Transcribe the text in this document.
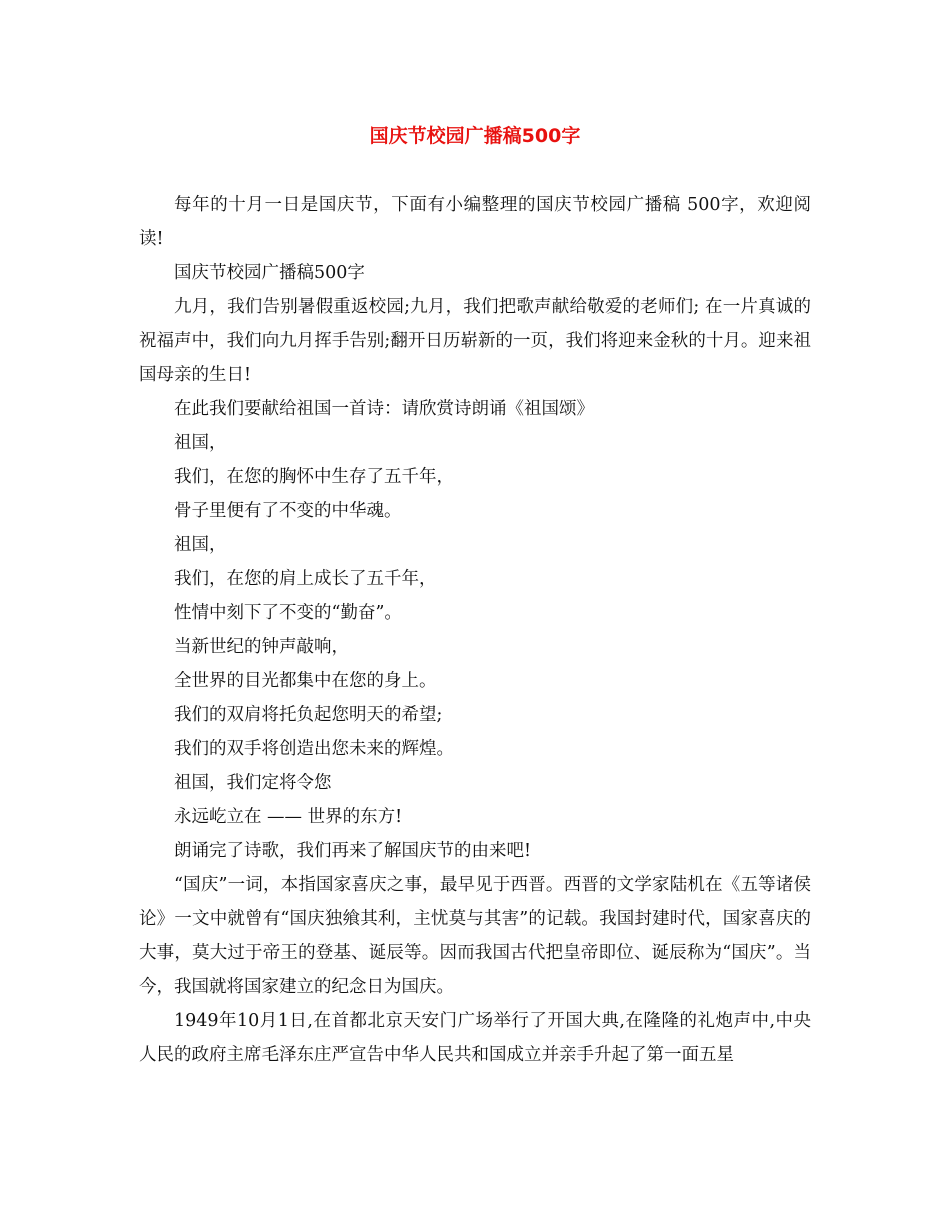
国庆节校园广播稿500字

每年的十月一日是国庆节，下面有小编整理的国庆节校园广播稿 500字，欢迎阅读!

国庆节校园广播稿500字

九月，我们告别暑假重返校园;九月，我们把歌声献给敬爱的老师们; 在一片真诚的祝福声中，我们向九月挥手告别;翻开日历崭新的一页，我们将迎来金秋的十月。迎来祖国母亲的生日!

在此我们要献给祖国一首诗：请欣赏诗朗诵《祖国颂》

祖国，

我们，在您的胸怀中生存了五千年，

骨子里便有了不变的中华魂。

祖国，

我们，在您的肩上成长了五千年，

性情中刻下了不变的“勤奋”。

当新世纪的钟声敲响，

全世界的目光都集中在您的身上。

我们的双肩将托负起您明天的希望;

我们的双手将创造出您未来的辉煌。

祖国，我们定将令您

永远屹立在 —— 世界的东方!

朗诵完了诗歌，我们再来了解国庆节的由来吧!

“国庆”一词，本指国家喜庆之事，最早见于西晋。西晋的文学家陆机在《五等诸侯论》一文中就曾有“国庆独飨其利，主忧莫与其害”的记载。我国封建时代，国家喜庆的大事，莫大过于帝王的登基、诞辰等。因而我国古代把皇帝即位、诞辰称为“国庆”。当今，我国就将国家建立的纪念日为国庆。

1949年10月1日,在首都北京天安门广场举行了开国大典,在隆隆的礼炮声中,中央人民的政府主席毛泽东庄严宣告中华人民共和国成立并亲手升起了第一面五星
